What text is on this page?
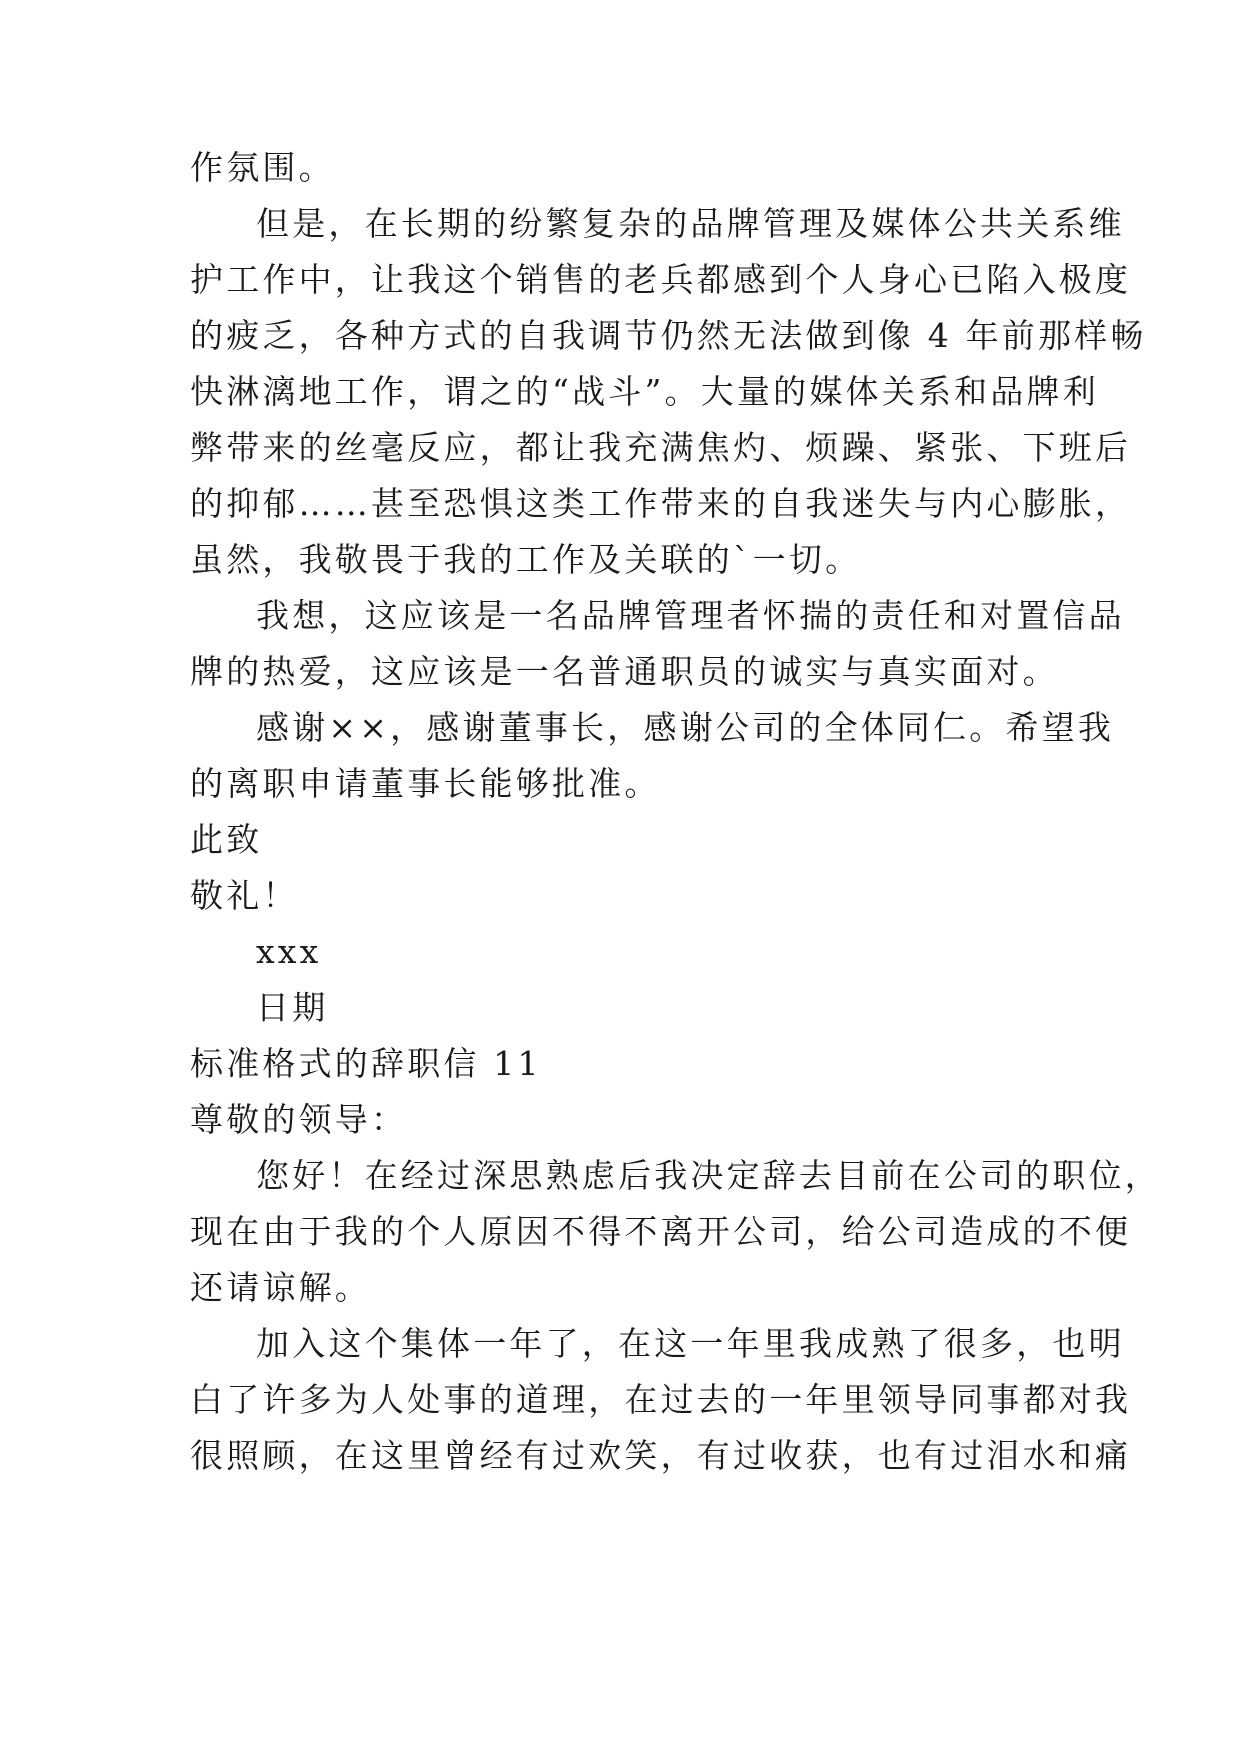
作氛围。
但是，在长期的纷繁复杂的品牌管理及媒体公共关系维
护工作中，让我这个销售的老兵都感到个人身心已陷入极度
的疲乏，各种方式的自我调节仍然无法做到像 4 年前那样畅
快淋漓地工作，谓之的“战斗”。大量的媒体关系和品牌利
弊带来的丝毫反应，都让我充满焦灼、烦躁、紧张、下班后
的抑郁……甚至恐惧这类工作带来的自我迷失与内心膨胀，
虽然，我敬畏于我的工作及关联的`一切。
我想，这应该是一名品牌管理者怀揣的责任和对置信品
牌的热爱，这应该是一名普通职员的诚实与真实面对。
感谢××，感谢董事长，感谢公司的全体同仁。希望我
的离职申请董事长能够批准。
此致
敬礼！
xxx
日期
标准格式的辞职信 11
尊敬的领导：
您好！在经过深思熟虑后我决定辞去目前在公司的职位，
现在由于我的个人原因不得不离开公司，给公司造成的不便
还请谅解。
加入这个集体一年了，在这一年里我成熟了很多，也明
白了许多为人处事的道理，在过去的一年里领导同事都对我
很照顾，在这里曾经有过欢笑，有过收获，也有过泪水和痛
